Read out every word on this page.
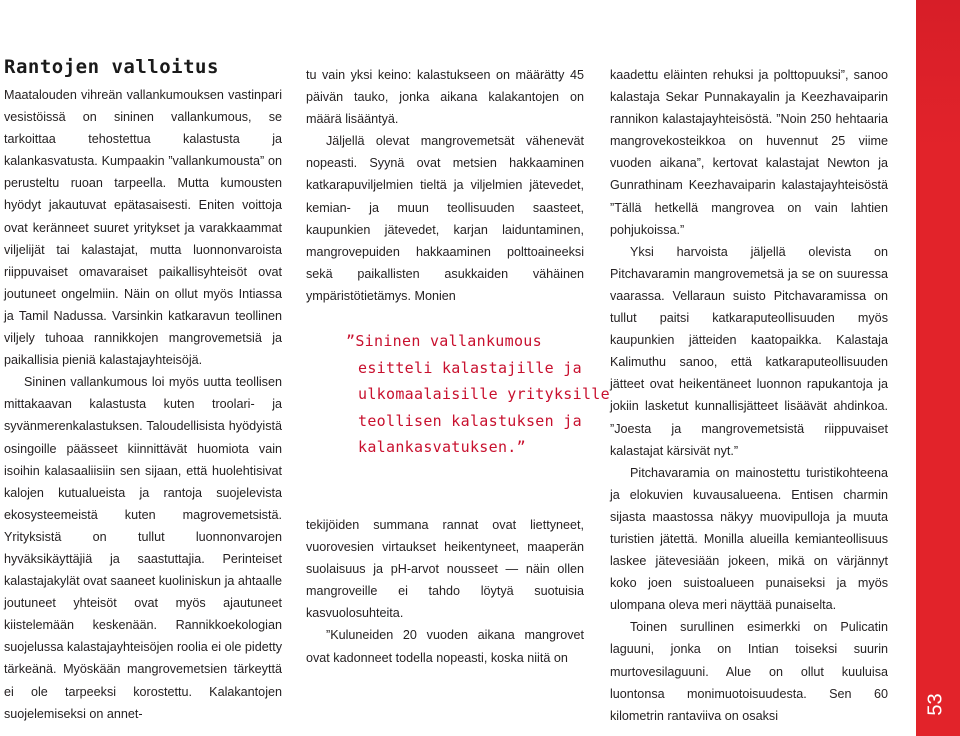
Rantojen valloitus

Maatalouden vihreän vallankumouksen vastinpari vesistöissä on sininen vallankumous, se tarkoittaa tehostettua kalastusta ja kalankasvatusta. Kumpaakin ”vallankumousta” on perusteltu ruoan tarpeella. Mutta kumousten hyödyt jakautuvat epätasaisesti. Eniten voittoja ovat keränneet suuret yritykset ja varakkaammat viljelijät tai kalastajat, mutta luonnonvaroista riippuvaiset omavaraiset paikallisyhteisöt ovat joutuneet ongelmiin. Näin on ollut myös Intiassa ja Tamil Nadussa. Varsinkin katkaravun teollinen viljely tuhoaa rannikkojen mangrovemetsiä ja paikallisia pieniä kalastajayhteisöjä.

Sininen vallankumous loi myös uutta teollisen mittakaavan kalastusta kuten troolari- ja syvänmerenkalastuksen. Taloudellisista hyödyistä osingoille päässeet kiinnittävät huomiota vain isoihin kalasaaliisiin sen sijaan, että huolehtisivat kalojen kutualueista ja rantoja suojelevista ekosysteemeistä kuten magrovemetsistä. Yrityksistä on tullut luonnonvarojen hyväksikäyttäjiä ja saastuttajia. Perinteiset kalastajakylät ovat saaneet kuoliniskun ja ahtaalle joutuneet yhteisöt ovat myös ajautuneet kiistelemään keskenään. Rannikkoekologian suojelussa kalastajayhteisöjen roolia ei ole pidetty tärkeänä. Myöskään mangrovemetsien tärkeyttä ei ole tarpeeksi korostettu. Kalakantojen suojelemiseksi on annet-

tu vain yksi keino: kalastukseen on määrätty 45 päivän tauko, jonka aikana kalakantojen on määrä lisääntyä.

Jäljellä olevat mangrovemetsät vähenevät nopeasti. Syynä ovat metsien hakkaaminen katkarapuviljelmien tieltä ja viljelmien jätevedet, kemian- ja muun teollisuuden saasteet, kaupunkien jätevedet, karjan laiduntaminen, mangrovepuiden hakkaaminen polttoaineeksi sekä paikallisten asukkaiden vähäinen ympäristötietämys. Monien

”Sininen vallankumous
esitteli kalastajille ja
ulkomaalaisille yrityksille
teollisen kalastuksen ja
kalankasvatuksen.”

tekijöiden summana rannat ovat liettyneet, vuorovesien virtaukset heikentyneet, maaperän suolaisuus ja pH-arvot nousseet — näin ollen mangroveille ei tahdo löytyä suotuisia kasvuolosuhteita.

”Kuluneiden 20 vuoden aikana mangrovet ovat kadonneet todella nopeasti, koska niitä on

kaadettu eläinten rehuksi ja polttopuuksi”, sanoo kalastaja Sekar Punnakayalin ja Keezhavaiparin rannikon kalastajayhteisöstä. ”Noin 250 hehtaaria mangrovekosteikkoa on huvennut 25 viime vuoden aikana”, kertovat kalastajat Newton ja Gunrathinam Keezhavaiparin kalastajayhteisöstä ”Tällä hetkellä mangrovea on vain lahtien pohjukoissa.”

Yksi harvoista jäljellä olevista on Pitchavaramin mangrovemetsä ja se on suuressa vaarassa. Vellaraun suisto Pitchavaramissa on tullut paitsi katkaraputeollisuuden myös kaupunkien jätteiden kaatopaikka. Kalastaja Kalimuthu sanoo, että katkaraputeollisuuden jätteet ovat heikentäneet luonnon rapukantoja ja jokiin lasketut kunnallisjätteet lisäävät ahdinkoa. ”Joesta ja mangrovemetsistä riippuvaiset kalastajat kärsivät nyt.”

Pitchavaramia on mainostettu turistikohteena ja elokuvien kuvausalueena. Entisen charmin sijasta maastossa näkyy muovipulloja ja muuta turistien jätettä. Monilla alueilla kemianteollisuus laskee jätevesiään jokeen, mikä on värjännyt koko joen suistoalueen punaiseksi ja myös ulompana oleva meri näyttää punaiselta.

Toinen surullinen esimerkki on Pulicatin laguuni, jonka on Intian toiseksi suurin murtovesilaguuni. Alue on ollut kuuluisa luontonsa monimuotoisuudesta. Sen 60 kilometrin rantaviiva on osaksi

53
